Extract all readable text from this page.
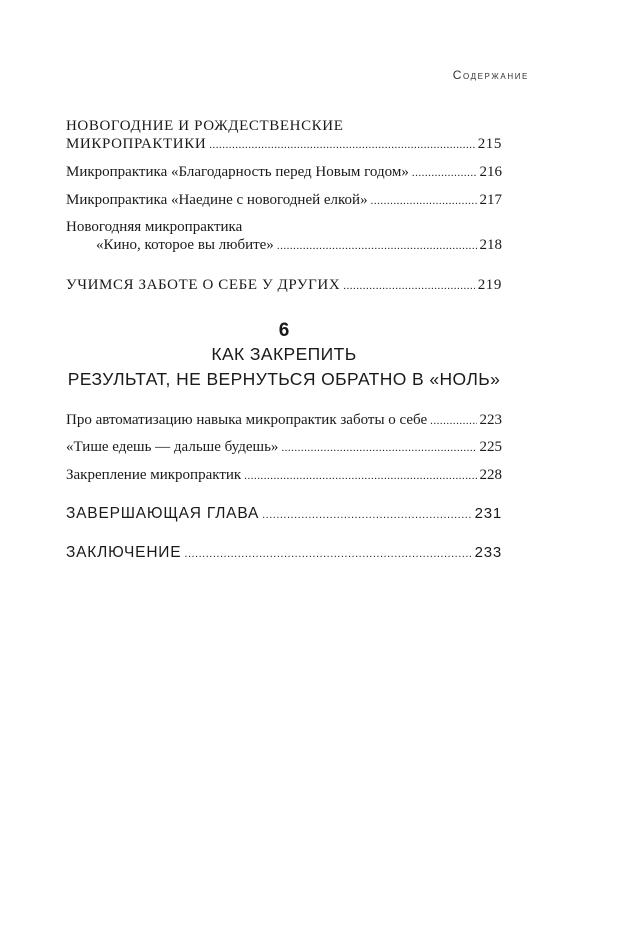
Содержание
НОВОГОДНИЕ И РОЖДЕСТВЕНСКИЕ
МИКРОПРАКТИКИ .....	215
Микропрактика «Благодарность перед Новым годом» .....	216
Микропрактика «Наедине с новогодней елкой» .....	217
Новогодняя микропрактика
«Кино, которое вы любите» .....	218
УЧИМСЯ ЗАБОТЕ О СЕБЕ У ДРУГИХ .....	219
6
КАК ЗАКРЕПИТЬ
РЕЗУЛЬТАТ, НЕ ВЕРНУТЬСЯ ОБРАТНО В «НОЛЬ»
Про автоматизацию навыка микропрактик заботы о себе .....	223
«Тише едешь — дальше будешь» .....	225
Закрепление микропрактик .....	228
ЗАВЕРШАЮЩАЯ ГЛАВА .....	231
ЗАКЛЮЧЕНИЕ .....	233
